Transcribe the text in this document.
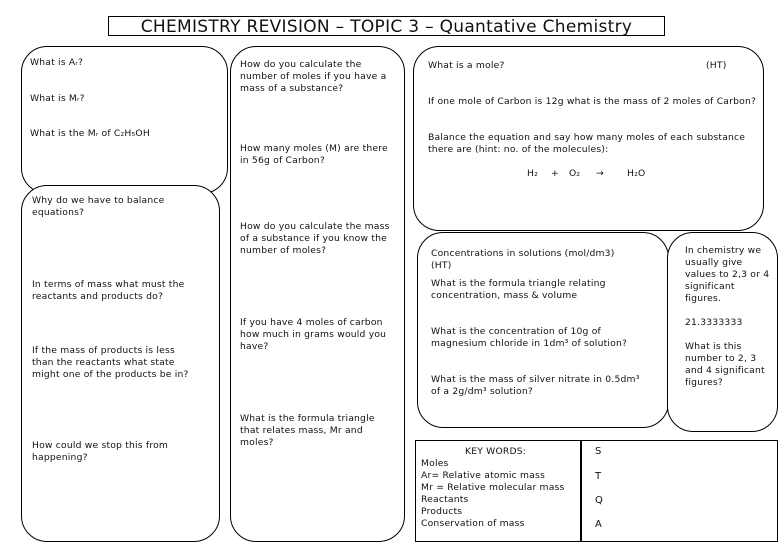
CHEMISTRY REVISION – TOPIC 3 – Quantative Chemistry
What is Aᵣ?
What is Mᵣ?
What is the Mᵣ of C₂H₅OH
Why do we have to balance equations?
In terms of mass what must the reactants and products do?
If the mass of products is less than the reactants what state might one of the products be in?
How could we stop this from happening?
How do you calculate the number of moles if you have a mass of a substance?
How many moles (M) are there in 56g of Carbon?
How do you calculate the mass of a substance if you know the number of moles?
If you have 4 moles of carbon how much in grams would you have?
What is the formula triangle that relates mass, Mr and moles?
What is a mole?	(HT)
If one mole of Carbon is 12g what is the mass of 2 moles of Carbon?
Balance the equation and say how many moles of each substance there are (hint: no. of the molecules):
H₂ + O₂ →	H₂O
Concentrations in solutions (mol/dm3)
(HT)
What is the formula triangle relating concentration, mass & volume
What is the concentration of 10g of magnesium chloride in 1dm³ of solution?
What is the mass of silver nitrate in 0.5dm³ of a 2g/dm³ solution?
In chemistry we usually give values to 2,3 or 4 significant figures.
21.3333333
What is this number to 2, 3 and 4 significant figures?
KEY WORDS:
Moles
Ar= Relative atomic mass
Mr = Relative molecular mass
Reactants
Products
Conservation of mass
S
T
Q
A
